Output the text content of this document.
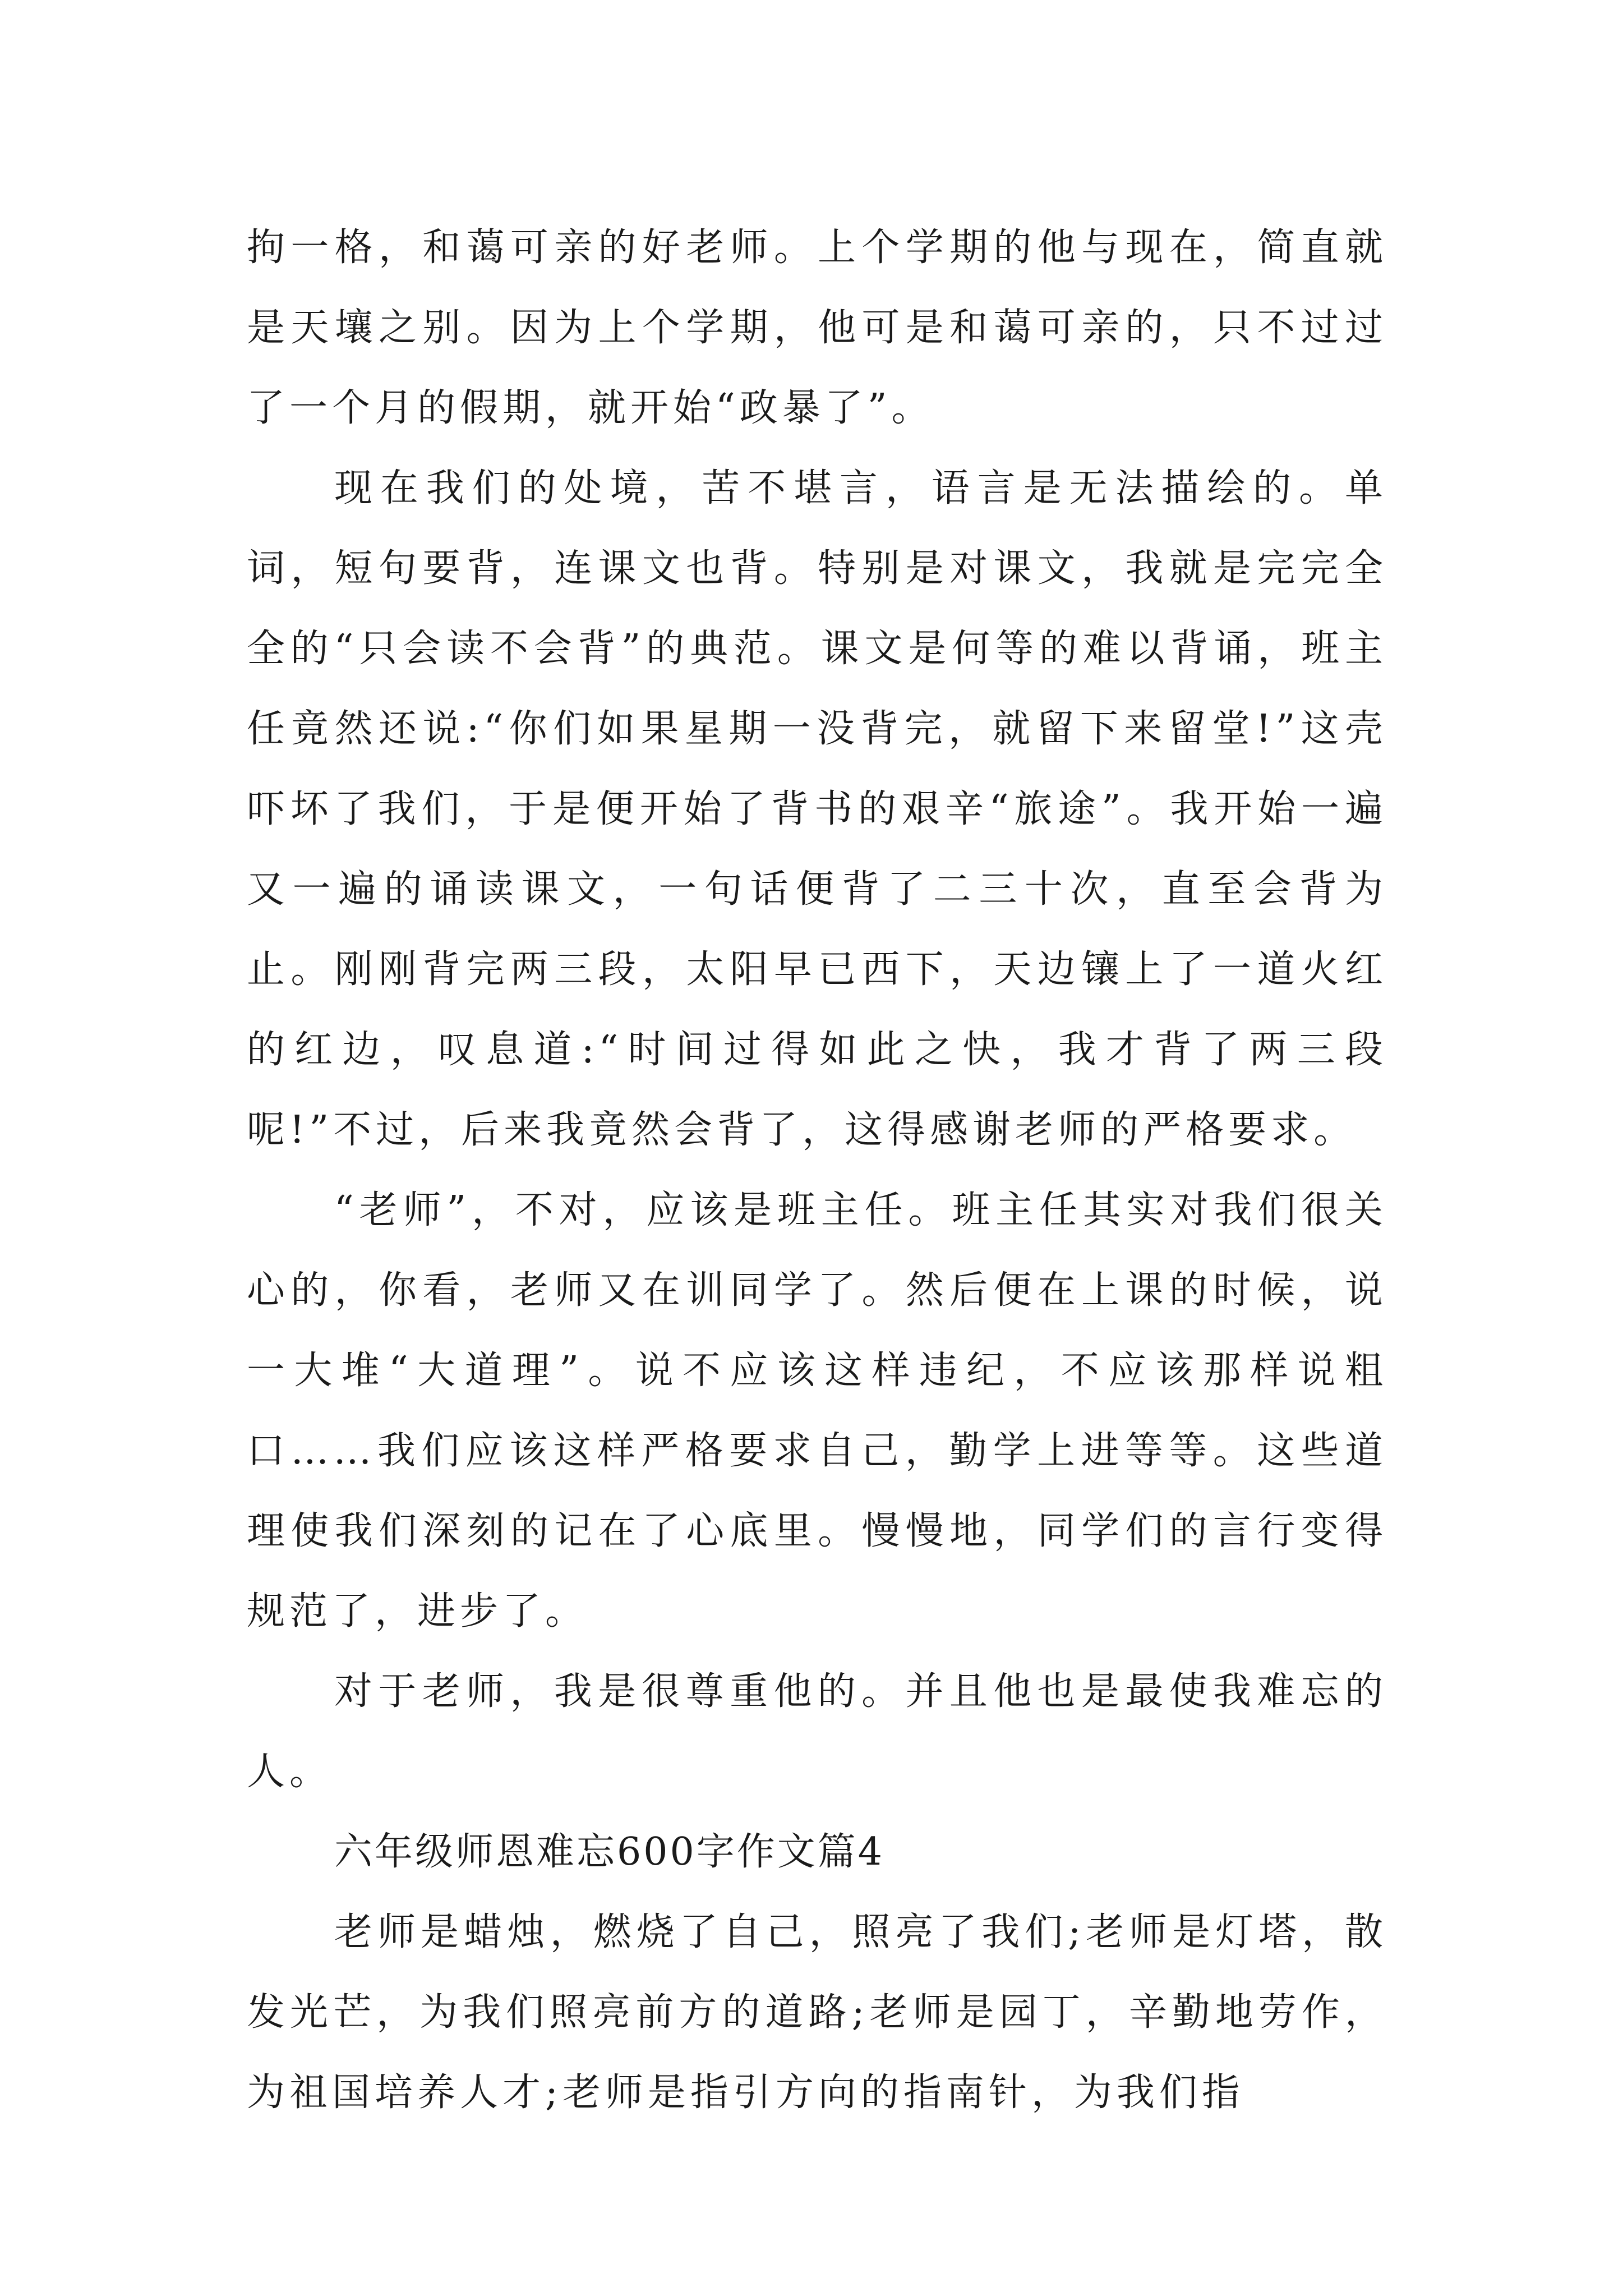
拘一格，和蔼可亲的好老师。上个学期的他与现在，简直就是天壤之别。因为上个学期，他可是和蔼可亲的，只不过过了一个月的假期，就开始“政暴了”。

现在我们的处境，苦不堪言，语言是无法描绘的。单词，短句要背，连课文也背。特别是对课文，我就是完完全全的“只会读不会背”的典范。课文是何等的难以背诵，班主任竟然还说:“你们如果星期一没背完，就留下来留堂!”这壳吓坏了我们，于是便开始了背书的艰辛“旅途”。我开始一遍又一遍的诵读课文，一句话便背了二三十次，直至会背为止。刚刚背完两三段，太阳早已西下，天边镶上了一道火红的红边，叹息道:“时间过得如此之快，我才背了两三段呢!”不过，后来我竟然会背了，这得感谢老师的严格要求。

“老师”，不对，应该是班主任。班主任其实对我们很关心的，你看，老师又在训同学了。然后便在上课的时候，说一大堆“大道理”。说不应该这样违纪，不应该那样说粗口……我们应该这样严格要求自己，勤学上进等等。这些道理使我们深刻的记在了心底里。慢慢地，同学们的言行变得规范了，进步了。

对于老师，我是很尊重他的。并且他也是最使我难忘的人。

六年级师恩难忘600字作文篇4

老师是蜡烛，燃烧了自己，照亮了我们;老师是灯塔，散发光芒，为我们照亮前方的道路;老师是园丁，辛勤地劳作，为祖国培养人才;老师是指引方向的指南针，为我们指
